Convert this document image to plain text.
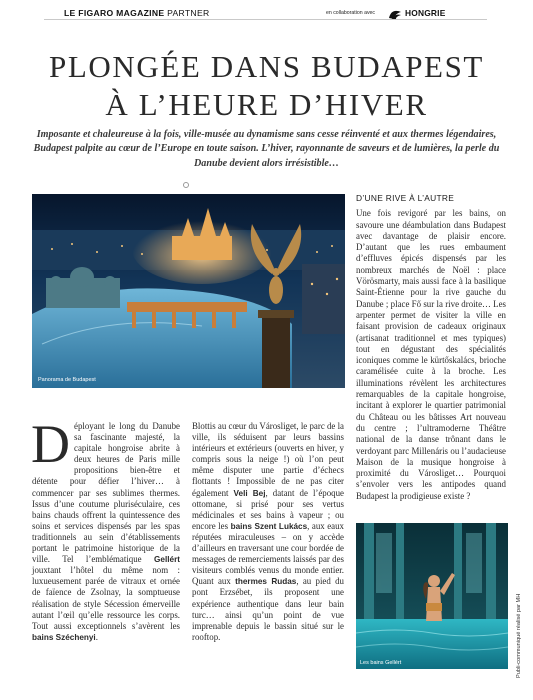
LE FIGARO MAGAZINE PARTNER	en collaboration avec	HONGRIE
PLONGÉE DANS BUDAPEST
À L’HEURE D’HIVER

Imposante et chaleureuse à la fois, ville-musée au dynamisme sans cesse réinventé et aux thermes légendaires, Budapest palpite au cœur de l’Europe en toute saison. L’hiver, rayonnante de saveurs et de lumières, la perle du Danube devient alors irrésistible…

Panorama de Budapest
D’UNE RIVE À L’AUTRE

Une fois revigoré par les bains, on savoure une déambulation dans Budapest avec davantage de plaisir encore. D’autant que les rues embaument d’effluves épicés dispensés par les nombreux marchés de Noël : place Vörösmarty, mais aussi face à la basilique Saint-Étienne pour la rive gauche du Danube ; place Fő sur la rive droite… Les arpenter permet de visiter la ville en faisant provision de cadeaux originaux (artisanat traditionnel et mes typiques) tout en dégustant des spécialités iconiques comme le kürtőskalács, brioche caramélisée cuite à la broche. Les illuminations révèlent les architectures remarquables de la capitale hongroise, incitant à explorer le quartier patrimonial du Château ou les bâtisses Art nouveau du centre ; l’ultramoderne Théâtre national de la danse trônant dans le verdoyant parc Millenáris ou l’audacieuse Maison de la musique hongroise à proximité du Városliget… Pourquoi s’envoler vers les antipodes quand Budapest la prodigieuse existe ?

Déployant le long du Danube sa fascinante majesté, la capitale hongroise abrite à deux heures de Paris mille propositions bien-être et détente pour défier l’hiver… à commencer par ses sublimes thermes. Issus d’une coutume pluriséculaire, ces bains chauds offrent la quintessence des soins et services dispensés par les spas traditionnels au sein d’établissements portant le patrimoine historique de la ville. Tel l’emblématique Gellért jouxtant l’hôtel du même nom : luxueusement parée de vitraux et ornée de faïence de Zsolnay, la somptueuse réalisation de style Sécession émerveille autant l’œil qu’elle ressource les corps. Tout aussi exceptionnels s’avèrent les bains Széchenyi.
Blottis au cœur du Városliget, le parc de la ville, ils séduisent par leurs bassins intérieurs et extérieurs (ouverts en hiver, y compris sous la neige !) où l’on peut même disputer une partie d’échecs flottants ! Impossible de ne pas citer également Veli Bej, datant de l’époque ottomane, si prisé pour ses vertus médicinales et ses bains à vapeur ; ou encore les bains Szent Lukács, aux eaux réputées miraculeuses – on y accède d’ailleurs en traversant une cour bordée de messages de remerciements laissés par des visiteurs comblés venus du monde entier. Quant aux thermes Rudas, au pied du pont Erzsébet, ils proposent une expérience authentique dans leur bain turc… ainsi qu’un point de vue imprenable depuis le bassin situé sur le rooftop.
Les bains Gellért	Publi-communiqué réalisé par MH
